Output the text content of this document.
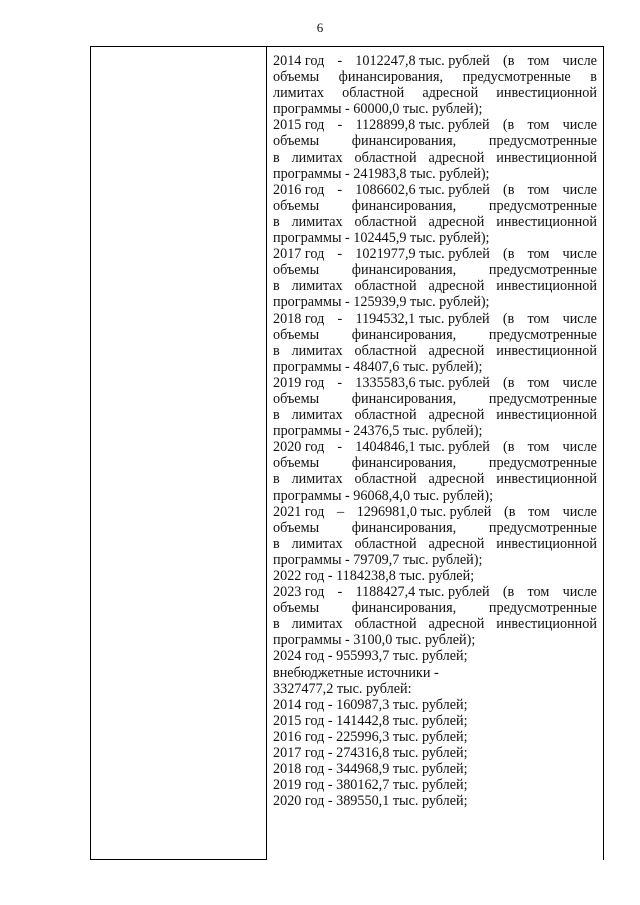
6
2014 год - 1012247,8 тыс. рублей (в том числе
объемы финансирования, предусмотренные в
лимитах областной адресной инвестиционной
программы - 60000,0 тыс. рублей);
2015 год - 1128899,8 тыс. рублей (в том числе
объемы финансирования, предусмотренные
в лимитах областной адресной инвестиционной
программы - 241983,8 тыс. рублей);
2016 год - 1086602,6 тыс. рублей (в том числе
объемы финансирования, предусмотренные
в лимитах областной адресной инвестиционной
программы - 102445,9 тыс. рублей);
2017 год - 1021977,9 тыс. рублей (в том числе
объемы финансирования, предусмотренные
в лимитах областной адресной инвестиционной
программы - 125939,9 тыс. рублей);
2018 год - 1194532,1 тыс. рублей (в том числе
объемы финансирования, предусмотренные
в лимитах областной адресной инвестиционной
программы - 48407,6 тыс. рублей);
2019 год - 1335583,6 тыс. рублей (в том числе
объемы финансирования, предусмотренные
в лимитах областной адресной инвестиционной
программы - 24376,5 тыс. рублей);
2020 год - 1404846,1 тыс. рублей (в том числе
объемы финансирования, предусмотренные
в лимитах областной адресной инвестиционной
программы - 96068,4,0 тыс. рублей);
2021 год – 1296981,0 тыс. рублей (в том числе
объемы финансирования, предусмотренные
в лимитах областной адресной инвестиционной
программы - 79709,7 тыс. рублей);
2022 год - 1184238,8 тыс. рублей;
2023 год - 1188427,4 тыс. рублей (в том числе
объемы финансирования, предусмотренные
в лимитах областной адресной инвестиционной
программы - 3100,0 тыс. рублей);
2024 год - 955993,7 тыс. рублей;
внебюджетные источники -
3327477,2 тыс. рублей:
2014 год - 160987,3 тыс. рублей;
2015 год - 141442,8 тыс. рублей;
2016 год - 225996,3 тыс. рублей;
2017 год - 274316,8 тыс. рублей;
2018 год - 344968,9 тыс. рублей;
2019 год - 380162,7 тыс. рублей;
2020 год - 389550,1 тыс. рублей;
